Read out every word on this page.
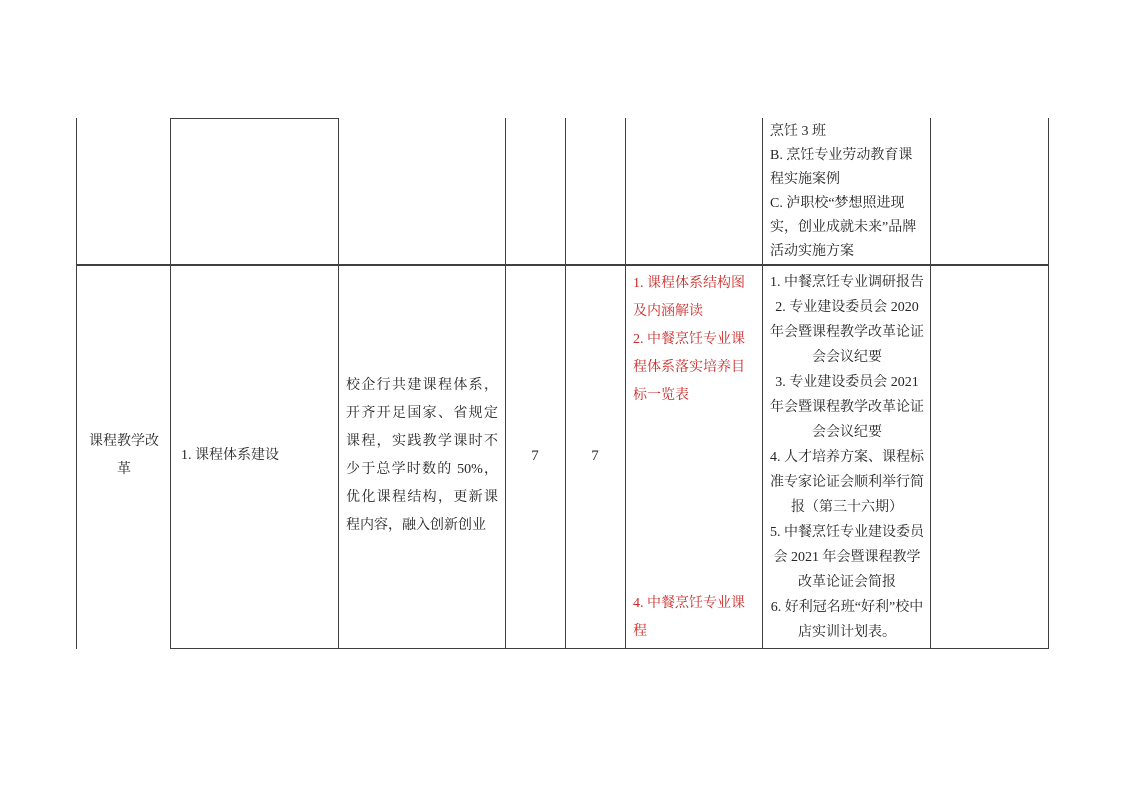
烹饪 3 班

B. 烹饪专业劳动教育课程实施案例

C. 泸职校“梦想照进现实，创业成就未来”品牌活动实施方案

课程教学改革

1. 课程体系建设

校企行共建课程体系，开齐开足国家、省规定课程，实践教学课时不少于总学时数的 50%，优化课程结构，更新课程内容，融入创新创业

7	7

1. 课程体系结构图及内涵解读

2. 中餐烹饪专业课程体系落实培养目标一览表

4. 中餐烹饪专业课程

1. 中餐烹饪专业调研报告

2. 专业建设委员会 2020 年会暨课程教学改革论证会会议纪要

3. 专业建设委员会 2021 年会暨课程教学改革论证会会议纪要

4. 人才培养方案、课程标准专家论证会顺利举行简报（第三十六期）

5. 中餐烹饪专业建设委员会 2021 年会暨课程教学改革论证会简报

6. 好利冠名班“好利”校中店实训计划表。
